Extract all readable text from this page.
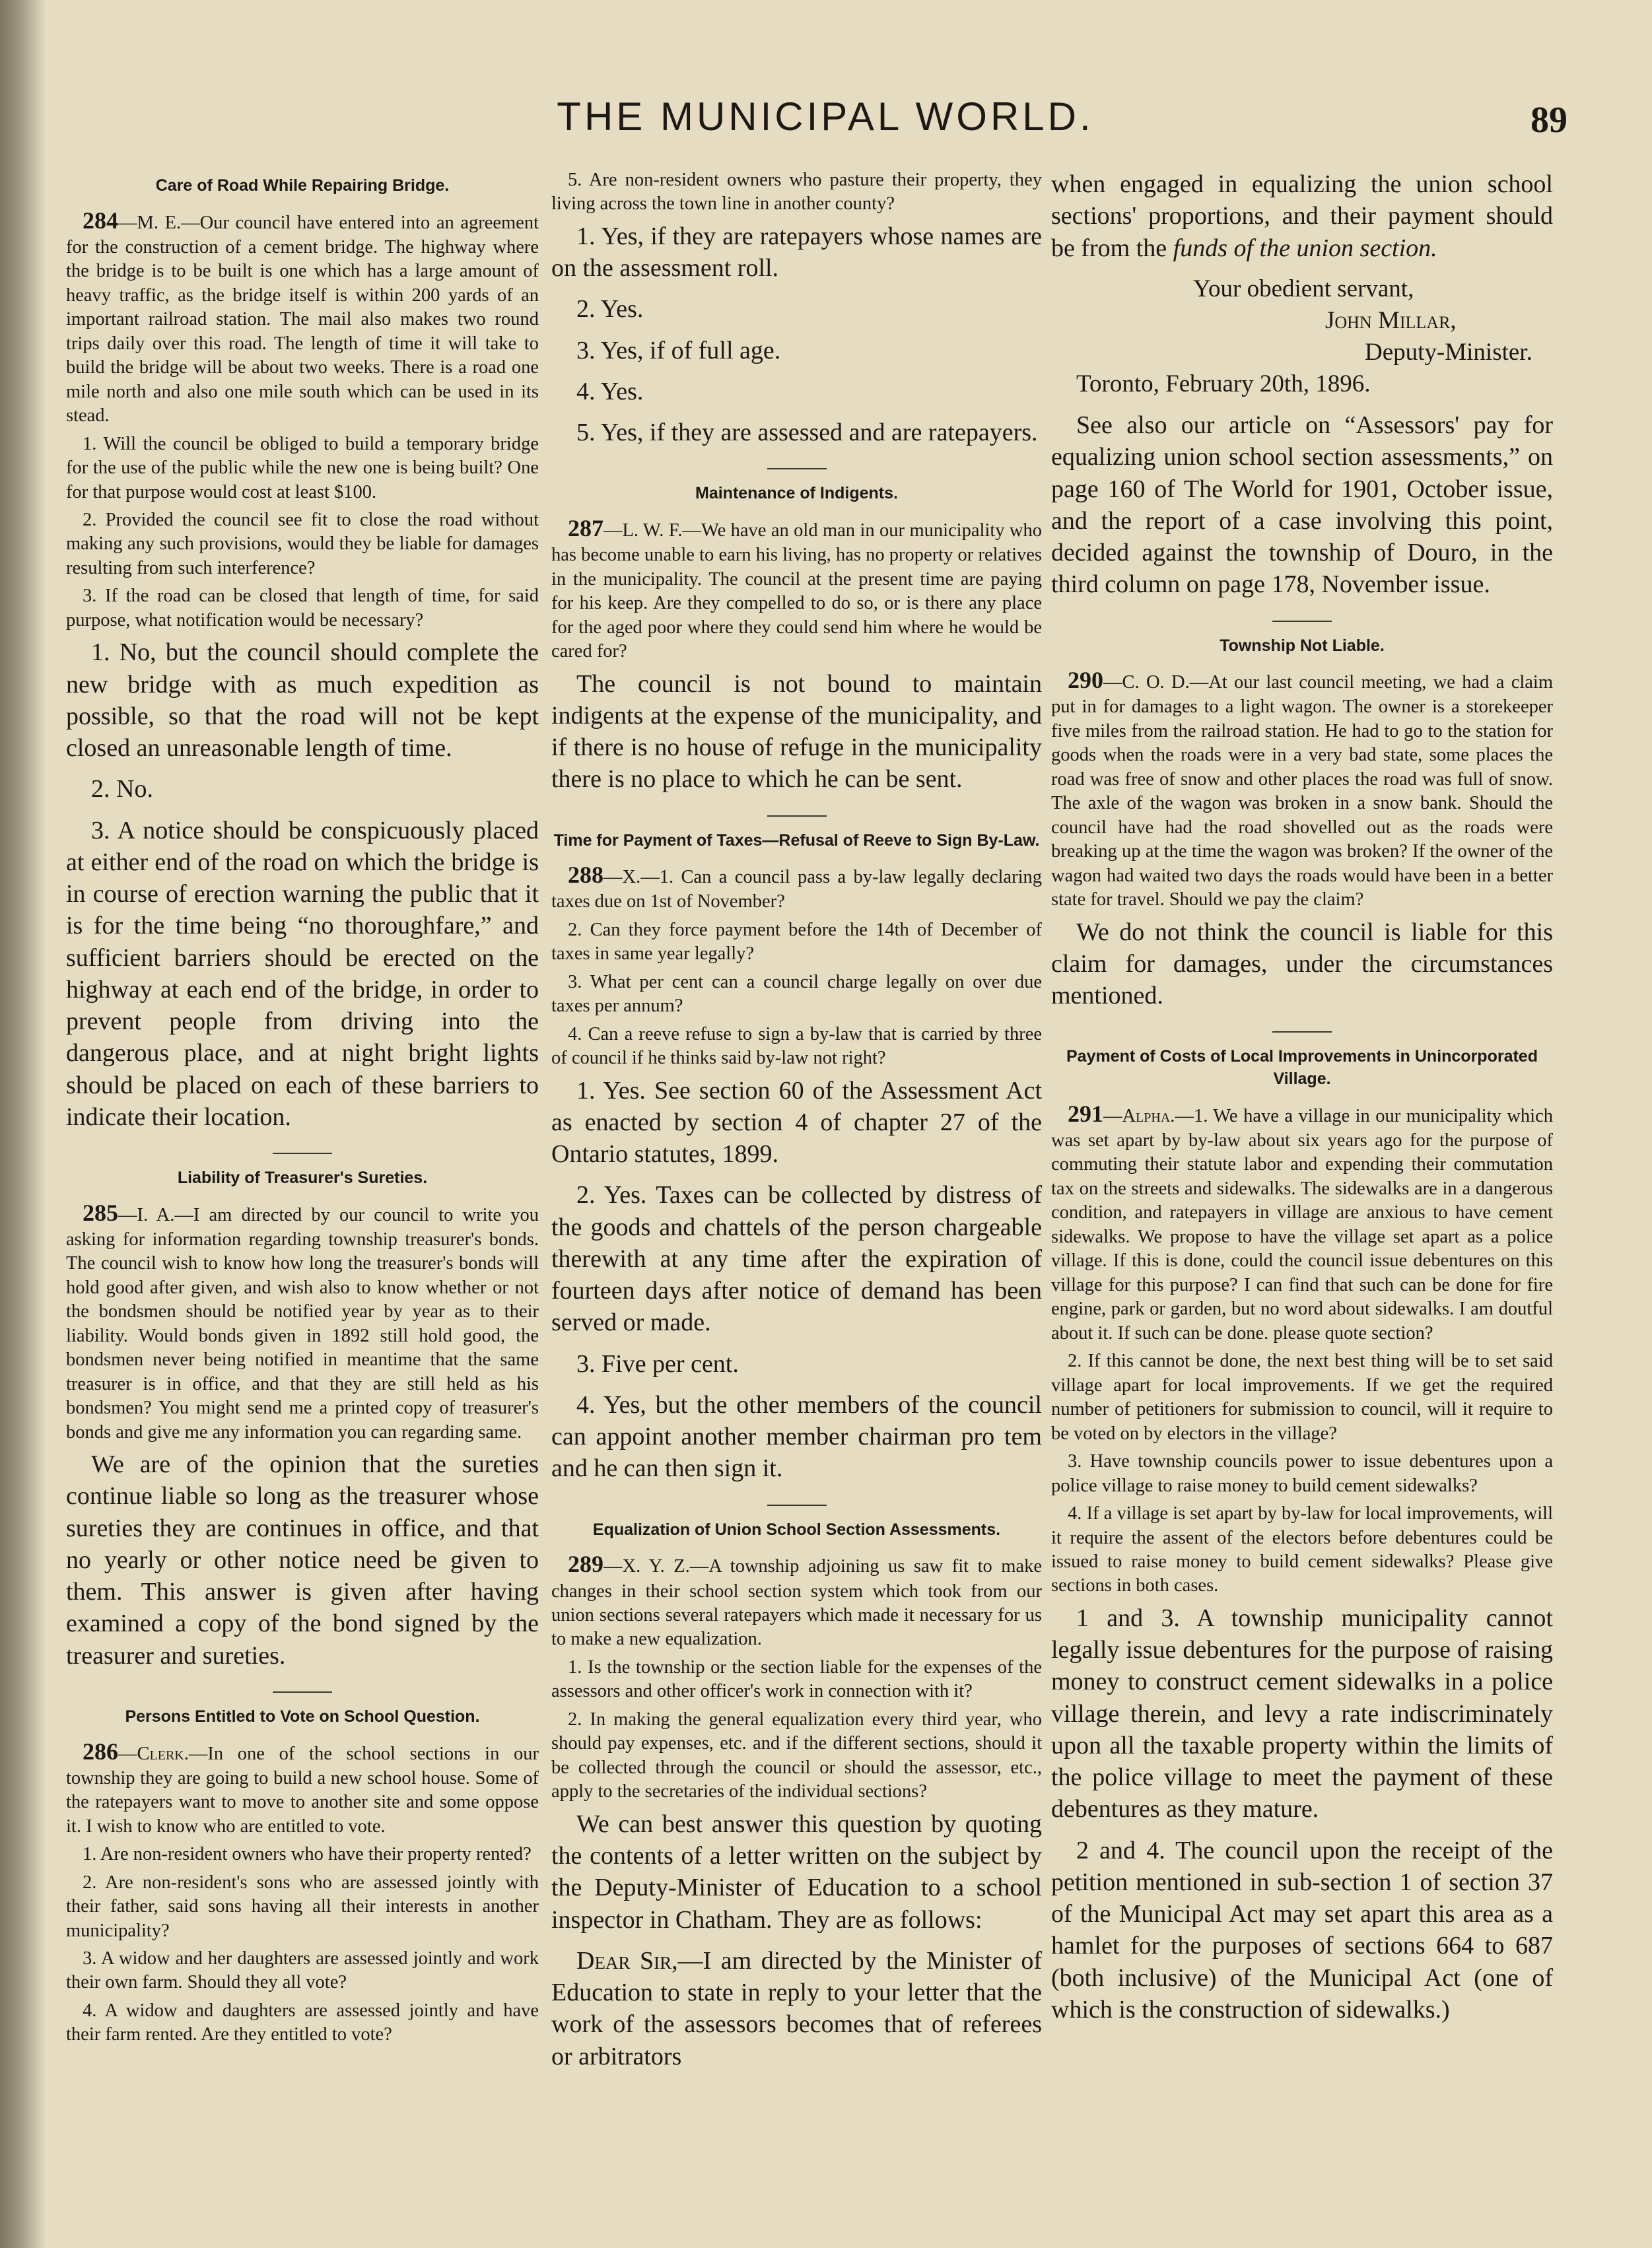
THE MUNICIPAL WORLD.	89
Care of Road While Repairing Bridge.

284—M. E.—Our council have entered into an agreement for the construction of a cement bridge. The highway where the bridge is to be built is one which has a large amount of heavy traffic, as the bridge itself is within 200 yards of an important railroad station. The mail also makes two round trips daily over this road. The length of time it will take to build the bridge will be about two weeks. There is a road one mile north and also one mile south which can be used in its stead.

1. Will the council be obliged to build a temporary bridge for the use of the public while the new one is being built? One for that purpose would cost at least $100.

2. Provided the council see fit to close the road without making any such provisions, would they be liable for damages resulting from such interference?

3. If the road can be closed that length of time, for said purpose, what notification would be necessary?

1. No, but the council should complete the new bridge with as much expedition as possible, so that the road will not be kept closed an unreasonable length of time.

2. No.

3. A notice should be conspicuously placed at either end of the road on which the bridge is in course of erection warning the public that it is for the time being “no thoroughfare,” and sufficient barriers should be erected on the highway at each end of the bridge, in order to prevent people from driving into the dangerous place, and at night bright lights should be placed on each of these barriers to indicate their location.

Liability of Treasurer's Sureties.

285—I. A.—I am directed by our council to write you asking for information regarding township treasurer's bonds. The council wish to know how long the treasurer's bonds will hold good after given, and wish also to know whether or not the bondsmen should be notified year by year as to their liability. Would bonds given in 1892 still hold good, the bondsmen never being notified in meantime that the same treasurer is in office, and that they are still held as his bondsmen? You might send me a printed copy of treasurer's bonds and give me any information you can regarding same.

We are of the opinion that the sureties continue liable so long as the treasurer whose sureties they are continues in office, and that no yearly or other notice need be given to them. This answer is given after having examined a copy of the bond signed by the treasurer and sureties.

Persons Entitled to Vote on School Question.

286—Clerk.—In one of the school sections in our township they are going to build a new school house. Some of the ratepayers want to move to another site and some oppose it. I wish to know who are entitled to vote.

1. Are non-resident owners who have their property rented?

2. Are non-resident's sons who are assessed jointly with their father, said sons having all their interests in another municipality?

3. A widow and her daughters are assessed jointly and work their own farm. Should they all vote?

4. A widow and daughters are assessed jointly and have their farm rented. Are they entitled to vote?

5. Are non-resident owners who pasture their property, they living across the town line in another county?

1. Yes, if they are ratepayers whose names are on the assessment roll.

2. Yes.

3. Yes, if of full age.

4. Yes.

5. Yes, if they are assessed and are ratepayers.

Maintenance of Indigents.

287—L. W. F.—We have an old man in our municipality who has become unable to earn his living, has no property or relatives in the municipality. The council at the present time are paying for his keep. Are they compelled to do so, or is there any place for the aged poor where they could send him where he would be cared for?

The council is not bound to maintain indigents at the expense of the municipality, and if there is no house of refuge in the municipality there is no place to which he can be sent.

Time for Payment of Taxes—Refusal of Reeve to Sign By-Law.

288—X.—1. Can a council pass a by-law legally declaring taxes due on 1st of November?

2. Can they force payment before the 14th of December of taxes in same year legally?

3. What per cent can a council charge legally on over due taxes per annum?

4. Can a reeve refuse to sign a by-law that is carried by three of council if he thinks said by-law not right?

1. Yes. See section 60 of the Assessment Act as enacted by section 4 of chapter 27 of the Ontario statutes, 1899.

2. Yes. Taxes can be collected by distress of the goods and chattels of the person chargeable therewith at any time after the expiration of fourteen days after notice of demand has been served or made.

3. Five per cent.

4. Yes, but the other members of the council can appoint another member chairman pro tem and he can then sign it.

Equalization of Union School Section Assessments.

289—X. Y. Z.—A township adjoining us saw fit to make changes in their school section system which took from our union sections several ratepayers which made it necessary for us to make a new equalization.

1. Is the township or the section liable for the expenses of the assessors and other officer's work in connection with it?

2. In making the general equalization every third year, who should pay expenses, etc. and if the different sections, should it be collected through the council or should the assessor, etc., apply to the secretaries of the individual sections?

We can best answer this question by quoting the contents of a letter written on the subject by the Deputy-Minister of Education to a school inspector in Chatham. They are as follows:

Dear Sir,—I am directed by the Minister of Education to state in reply to your letter that the work of the assessors becomes that of referees or arbitrators

when engaged in equalizing the union school sections' proportions, and their payment should be from the funds of the union section.

Your obedient servant,
John Millar,
Deputy-Minister.
Toronto, February 20th, 1896.

See also our article on “Assessors' pay for equalizing union school section assessments,” on page 160 of The World for 1901, October issue, and the report of a case involving this point, decided against the township of Douro, in the third column on page 178, November issue.

Township Not Liable.

290—C. O. D.—At our last council meeting, we had a claim put in for damages to a light wagon. The owner is a storekeeper five miles from the railroad station. He had to go to the station for goods when the roads were in a very bad state, some places the road was free of snow and other places the road was full of snow. The axle of the wagon was broken in a snow bank. Should the council have had the road shovelled out as the roads were breaking up at the time the wagon was broken? If the owner of the wagon had waited two days the roads would have been in a better state for travel. Should we pay the claim?

We do not think the council is liable for this claim for damages, under the circumstances mentioned.

Payment of Costs of Local Improvements in Unincorporated Village.

291—Alpha.—1. We have a village in our municipality which was set apart by by-law about six years ago for the purpose of commuting their statute labor and expending their commutation tax on the streets and sidewalks. The sidewalks are in a dangerous condition, and ratepayers in village are anxious to have cement sidewalks. We propose to have the village set apart as a police village. If this is done, could the council issue debentures on this village for this purpose? I can find that such can be done for fire engine, park or garden, but no word about sidewalks. I am doutful about it. If such can be done. please quote section?

2. If this cannot be done, the next best thing will be to set said village apart for local improvements. If we get the required number of petitioners for submission to council, will it require to be voted on by electors in the village?

3. Have township councils power to issue debentures upon a police village to raise money to build cement sidewalks?

4. If a village is set apart by by-law for local improvements, will it require the assent of the electors before debentures could be issued to raise money to build cement sidewalks? Please give sections in both cases.

1 and 3. A township municipality cannot legally issue debentures for the purpose of raising money to construct cement sidewalks in a police village therein, and levy a rate indiscriminately upon all the taxable property within the limits of the police village to meet the payment of these debentures as they mature.

2 and 4. The council upon the receipt of the petition mentioned in sub-section 1 of section 37 of the Municipal Act may set apart this area as a hamlet for the purposes of sections 664 to 687 (both inclusive) of the Municipal Act (one of which is the construction of sidewalks.)
